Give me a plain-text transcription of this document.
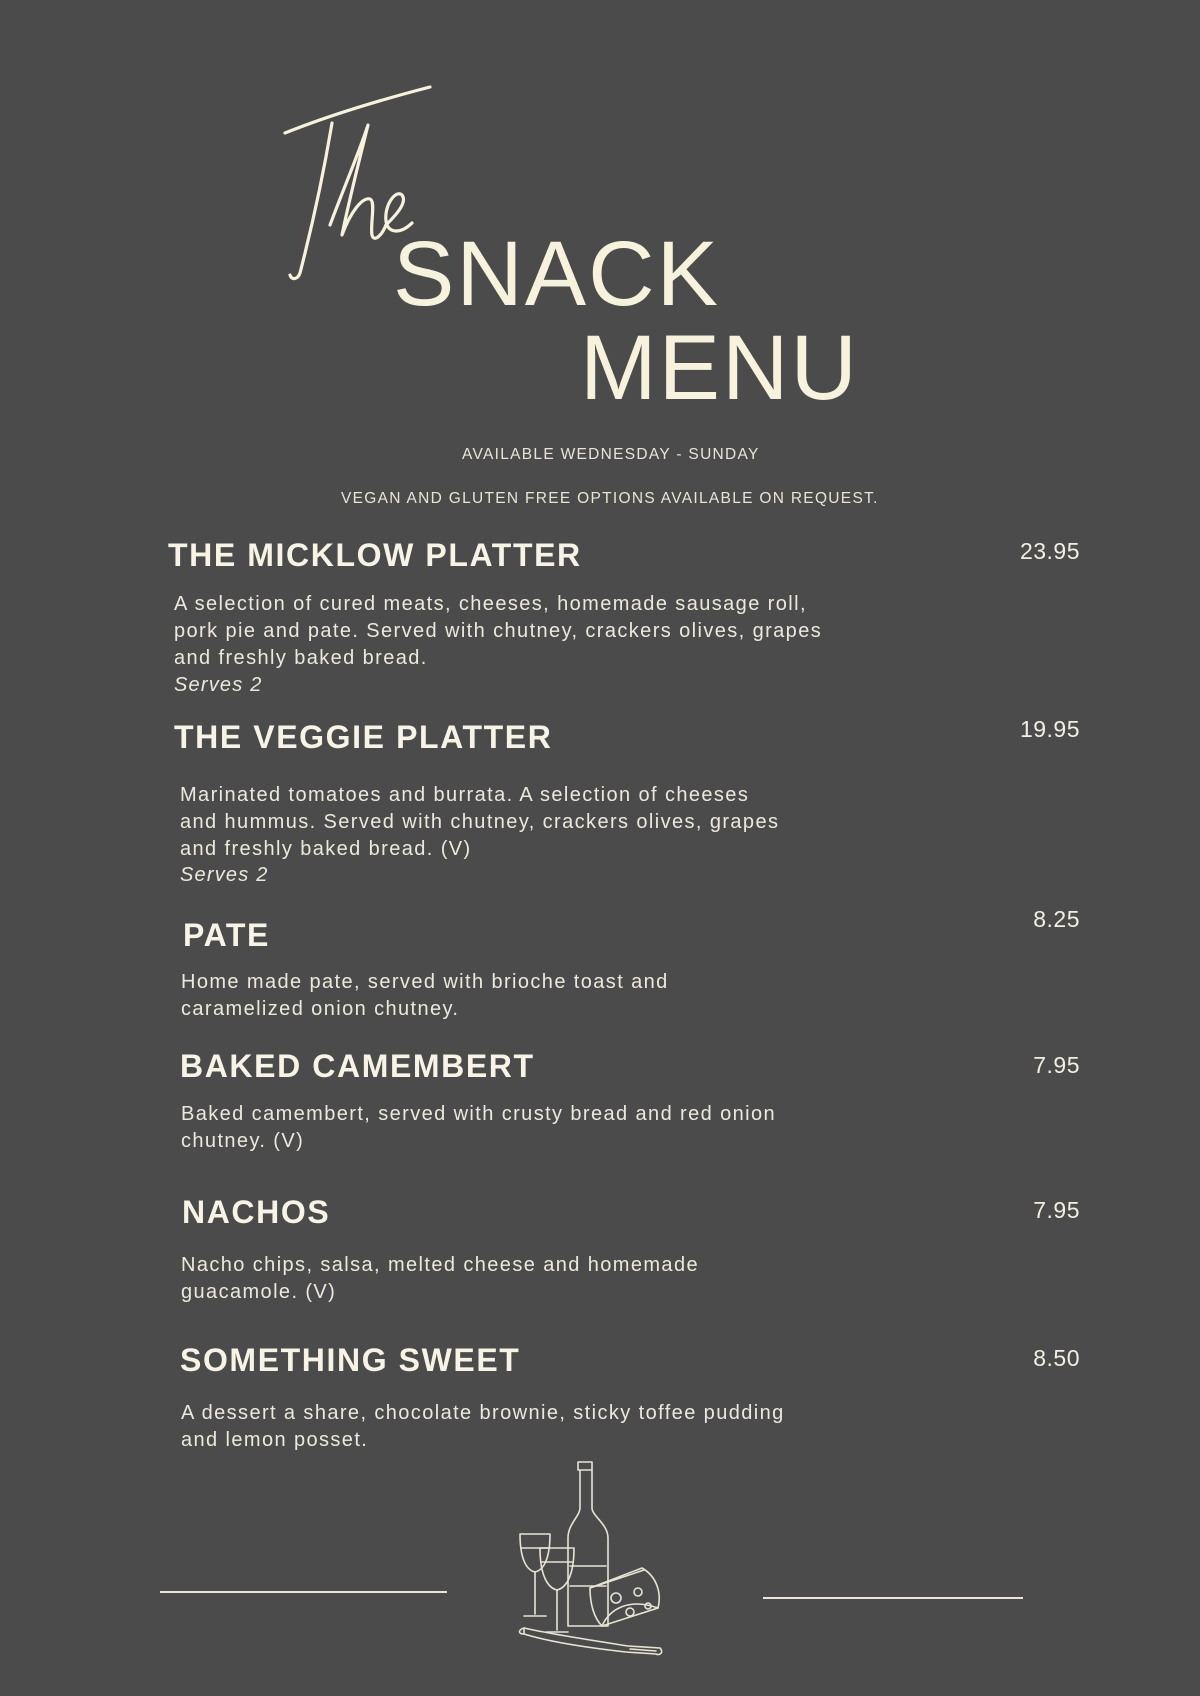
SNACK
MENU
AVAILABLE WEDNESDAY - SUNDAY
VEGAN AND GLUTEN FREE OPTIONS AVAILABLE ON REQUEST.
THE MICKLOW PLATTER	23.95
A selection of cured meats, cheeses, homemade sausage roll,
pork pie and pate. Served with chutney, crackers olives, grapes
and freshly baked bread.
Serves 2
THE VEGGIE PLATTER	19.95
Marinated tomatoes and burrata. A selection of cheeses
and hummus. Served with chutney, crackers olives, grapes
and freshly baked bread. (V)
Serves 2
PATE	8.25
Home made pate, served with brioche toast and
caramelized onion chutney.
BAKED CAMEMBERT	7.95
Baked camembert, served with crusty bread and red onion
chutney. (V)
NACHOS	7.95
Nacho chips, salsa, melted cheese and homemade
guacamole. (V)
SOMETHING SWEET	8.50
A dessert a share, chocolate brownie, sticky toffee pudding
and lemon posset.
